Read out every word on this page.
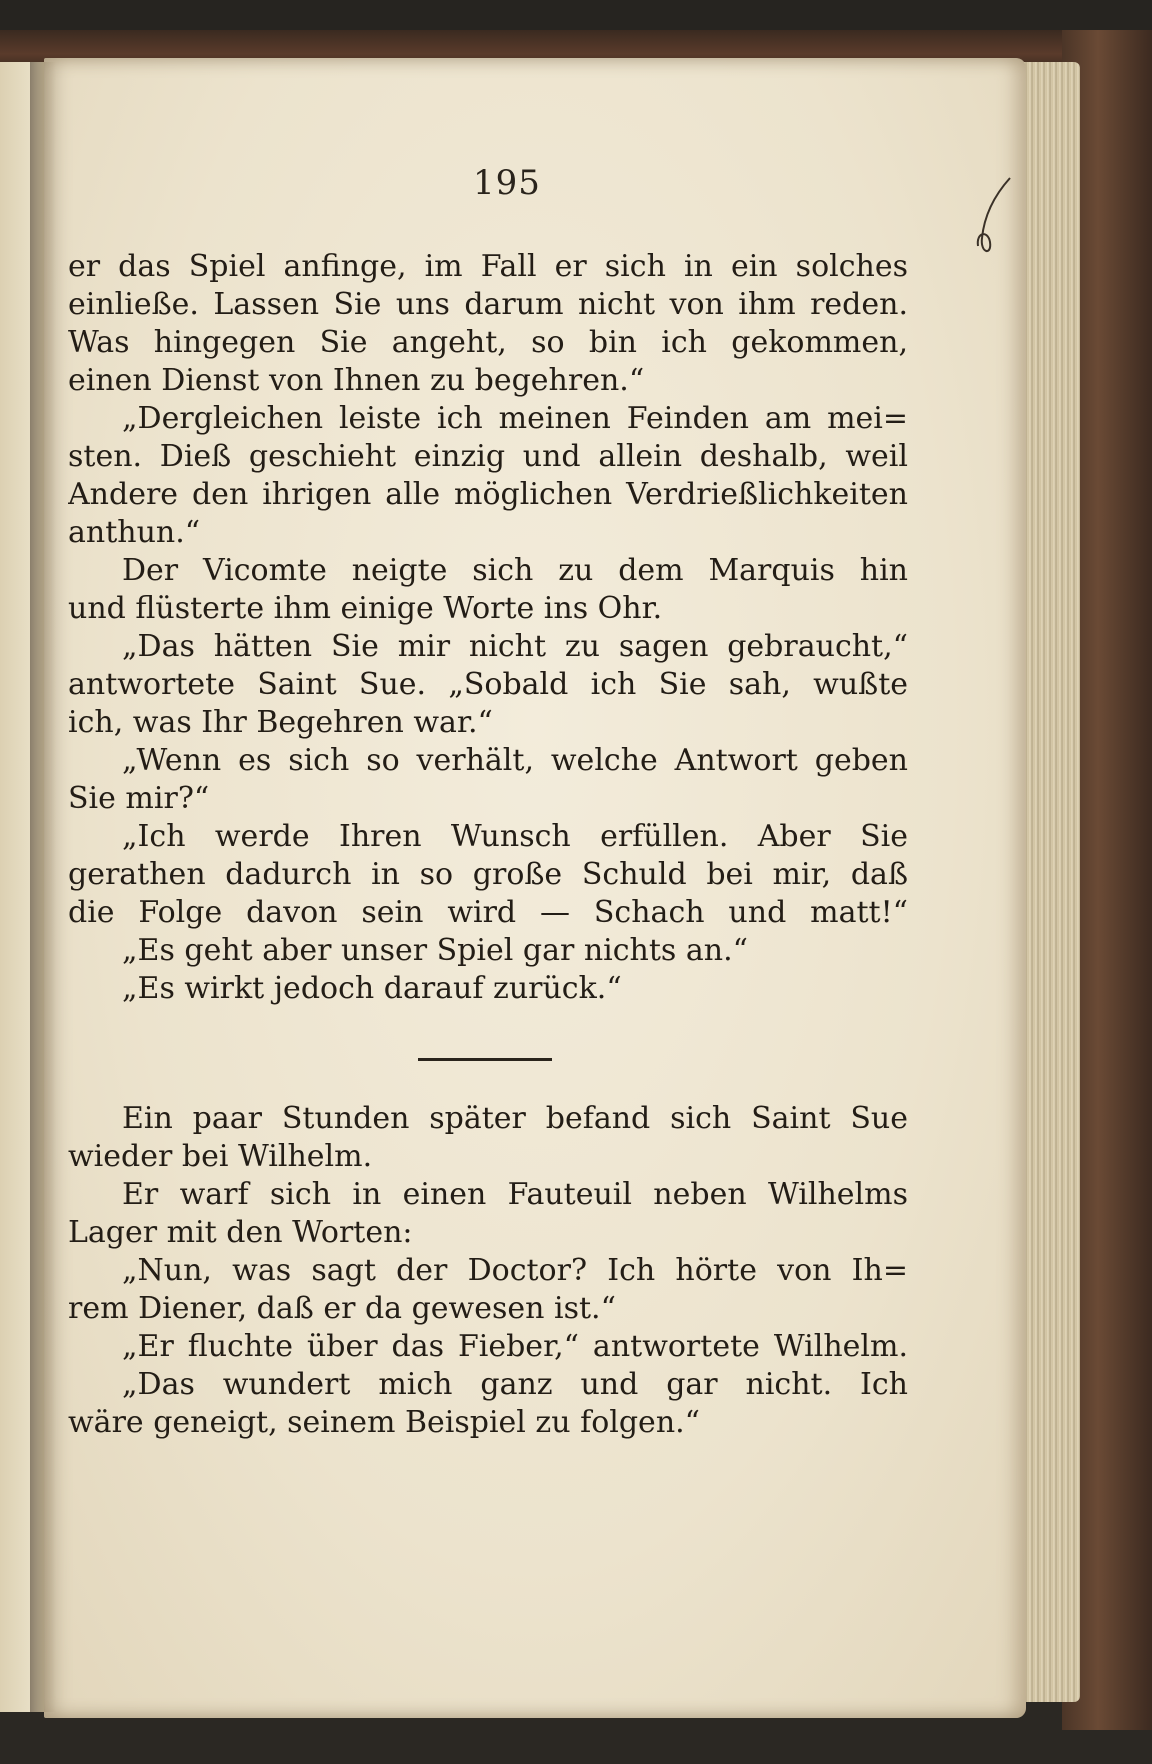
195
er das Spiel anfinge, im Fall er sich in ein solches
einließe. Lassen Sie uns darum nicht von ihm reden.
Was hingegen Sie angeht, so bin ich gekommen,
einen Dienst von Ihnen zu begehren.“
„Dergleichen leiste ich meinen Feinden am mei=
sten. Dieß geschieht einzig und allein deshalb, weil
Andere den ihrigen alle möglichen Verdrießlichkeiten
anthun.“
Der Vicomte neigte sich zu dem Marquis hin
und flüsterte ihm einige Worte ins Ohr.
„Das hätten Sie mir nicht zu sagen gebraucht,“
antwortete Saint Sue. „Sobald ich Sie sah, wußte
ich, was Ihr Begehren war.“
„Wenn es sich so verhält, welche Antwort geben
Sie mir?“
„Ich werde Ihren Wunsch erfüllen. Aber Sie
gerathen dadurch in so große Schuld bei mir, daß
die Folge davon sein wird — Schach und matt!“
„Es geht aber unser Spiel gar nichts an.“
„Es wirkt jedoch darauf zurück.“
Ein paar Stunden später befand sich Saint Sue
wieder bei Wilhelm.
Er warf sich in einen Fauteuil neben Wilhelms
Lager mit den Worten:
„Nun, was sagt der Doctor? Ich hörte von Ih=
rem Diener, daß er da gewesen ist.“
„Er fluchte über das Fieber,“ antwortete Wilhelm.
„Das wundert mich ganz und gar nicht. Ich
wäre geneigt, seinem Beispiel zu folgen.“
